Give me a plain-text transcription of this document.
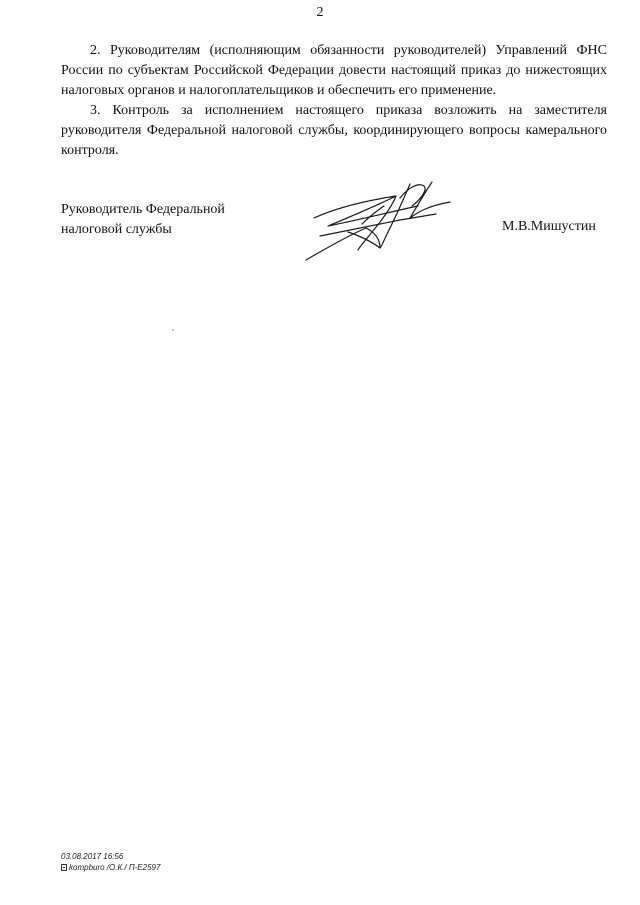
2

2. Руководителям (исполняющим обязанности руководителей) Управлений ФНС России по субъектам Российской Федерации довести настоящий приказ до нижестоящих налоговых органов и налогоплательщиков и обеспечить его применение.

3. Контроль за исполнением настоящего приказа возложить на заместителя руководителя Федеральной налоговой службы, координирующего вопросы камерального контроля.

Руководитель Федеральной
налоговой службы	М.В.Мишустин
03.08.2017 16:56
kompburo /О.К./ П-Е2597
